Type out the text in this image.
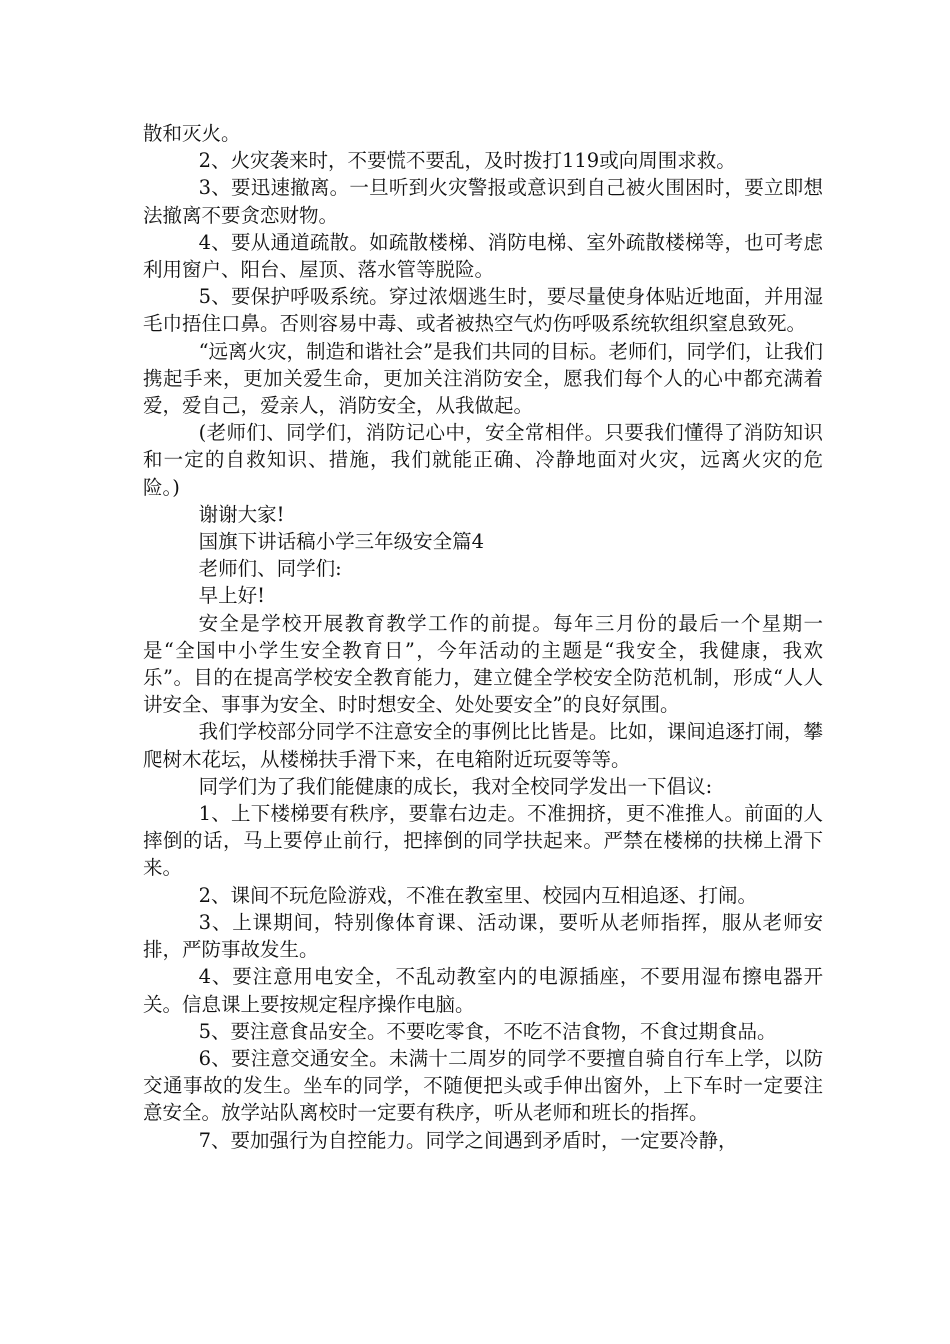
散和灭火。

2、火灾袭来时，不要慌不要乱，及时拨打119或向周围求救。

3、要迅速撤离。一旦听到火灾警报或意识到自己被火围困时，要立即想法撤离不要贪恋财物。

4、要从通道疏散。如疏散楼梯、消防电梯、室外疏散楼梯等，也可考虑利用窗户、阳台、屋顶、落水管等脱险。

5、要保护呼吸系统。穿过浓烟逃生时，要尽量使身体贴近地面，并用湿毛巾捂住口鼻。否则容易中毒、或者被热空气灼伤呼吸系统软组织窒息致死。

“远离火灾，制造和谐社会”是我们共同的目标。老师们，同学们，让我们携起手来，更加关爱生命，更加关注消防安全，愿我们每个人的心中都充满着爱，爱自己，爱亲人，消防安全，从我做起。

(老师们、同学们，消防记心中，安全常相伴。只要我们懂得了消防知识和一定的自救知识、措施，我们就能正确、冷静地面对火灾，远离火灾的危险。)

谢谢大家!

国旗下讲话稿小学三年级安全篇4

老师们、同学们:

早上好!

安全是学校开展教育教学工作的前提。每年三月份的最后一个星期一是“全国中小学生安全教育日”，今年活动的主题是“我安全，我健康，我欢乐”。目的在提高学校安全教育能力，建立健全学校安全防范机制，形成“人人讲安全、事事为安全、时时想安全、处处要安全”的良好氛围。

我们学校部分同学不注意安全的事例比比皆是。比如，课间追逐打闹，攀爬树木花坛，从楼梯扶手滑下来，在电箱附近玩耍等等。

同学们为了我们能健康的成长，我对全校同学发出一下倡议:

1、上下楼梯要有秩序，要靠右边走。不准拥挤，更不准推人。前面的人摔倒的话，马上要停止前行，把摔倒的同学扶起来。严禁在楼梯的扶梯上滑下来。

2、课间不玩危险游戏，不准在教室里、校园内互相追逐、打闹。

3、上课期间，特别像体育课、活动课，要听从老师指挥，服从老师安排，严防事故发生。

4、要注意用电安全，不乱动教室内的电源插座，不要用湿布擦电器开关。信息课上要按规定程序操作电脑。

5、要注意食品安全。不要吃零食，不吃不洁食物，不食过期食品。

6、要注意交通安全。未满十二周岁的同学不要擅自骑自行车上学，以防交通事故的发生。坐车的同学，不随便把头或手伸出窗外，上下车时一定要注意安全。放学站队离校时一定要有秩序，听从老师和班长的指挥。

7、要加强行为自控能力。同学之间遇到矛盾时，一定要冷静，
